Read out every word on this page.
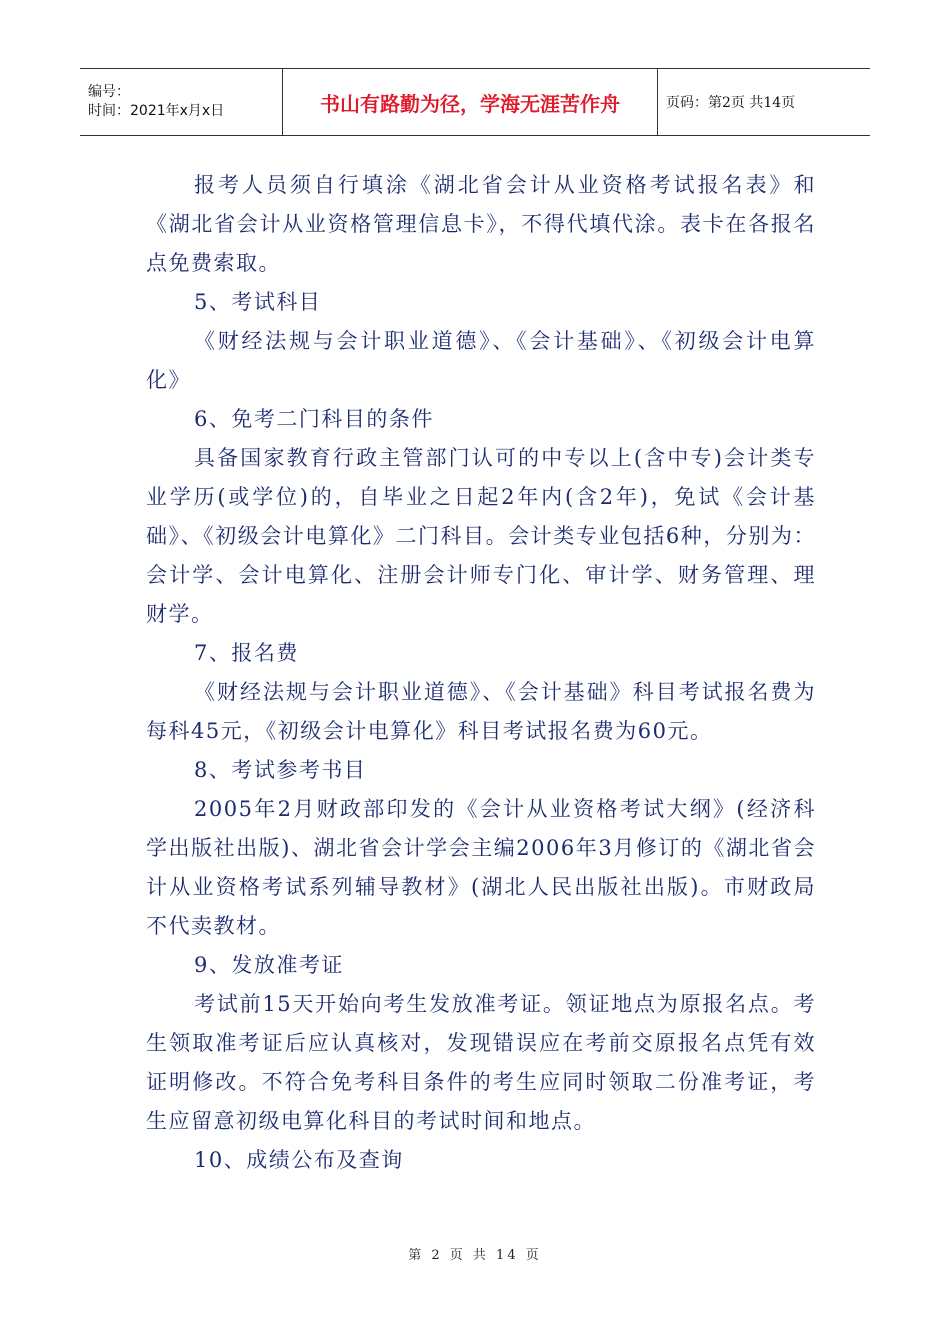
编号：
时间：2021年x月x日	书山有路勤为径，学海无涯苦作舟	页码：第2页 共14页

报考人员须自行填涂《湖北省会计从业资格考试报名表》和《湖北省会计从业资格管理信息卡》，不得代填代涂。表卡在各报名点免费索取。

5、考试科目

《财经法规与会计职业道德》、《会计基础》、《初级会计电算化》

6、免考二门科目的条件

具备国家教育行政主管部门认可的中专以上(含中专)会计类专业学历(或学位)的，自毕业之日起2年内(含2年)，免试《会计基础》、《初级会计电算化》二门科目。会计类专业包括6种，分别为：会计学、会计电算化、注册会计师专门化、审计学、财务管理、理财学。

7、报名费

《财经法规与会计职业道德》、《会计基础》科目考试报名费为每科45元，《初级会计电算化》科目考试报名费为60元。

8、考试参考书目

2005年2月财政部印发的《会计从业资格考试大纲》(经济科学出版社出版)、湖北省会计学会主编2006年3月修订的《湖北省会计从业资格考试系列辅导教材》(湖北人民出版社出版)。市财政局不代卖教材。

9、发放准考证

考试前15天开始向考生发放准考证。领证地点为原报名点。考生领取准考证后应认真核对，发现错误应在考前交原报名点凭有效证明修改。不符合免考科目条件的考生应同时领取二份准考证，考生应留意初级电算化科目的考试时间和地点。

10、成绩公布及查询

第 2 页 共 14 页
